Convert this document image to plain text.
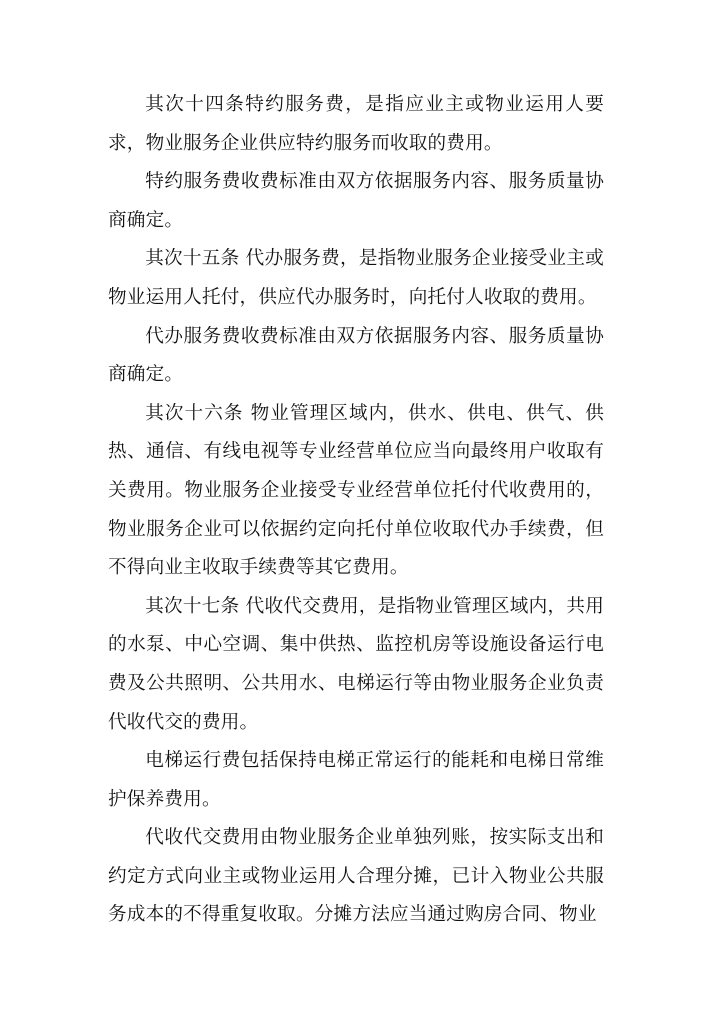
其次十四条特约服务费，是指应业主或物业运用人要求，物业服务企业供应特约服务而收取的费用。

特约服务费收费标准由双方依据服务内容、服务质量协商确定。

其次十五条 代办服务费，是指物业服务企业接受业主或物业运用人托付，供应代办服务时，向托付人收取的费用。

代办服务费收费标准由双方依据服务内容、服务质量协商确定。

其次十六条 物业管理区域内，供水、供电、供气、供热、通信、有线电视等专业经营单位应当向最终用户收取有关费用。物业服务企业接受专业经营单位托付代收费用的，物业服务企业可以依据约定向托付单位收取代办手续费，但不得向业主收取手续费等其它费用。

其次十七条 代收代交费用，是指物业管理区域内，共用的水泵、中心空调、集中供热、监控机房等设施设备运行电费及公共照明、公共用水、电梯运行等由物业服务企业负责代收代交的费用。

电梯运行费包括保持电梯正常运行的能耗和电梯日常维护保养费用。

代收代交费用由物业服务企业单独列账，按实际支出和约定方式向业主或物业运用人合理分摊，已计入物业公共服务成本的不得重复收取。分摊方法应当通过购房合同、物业
